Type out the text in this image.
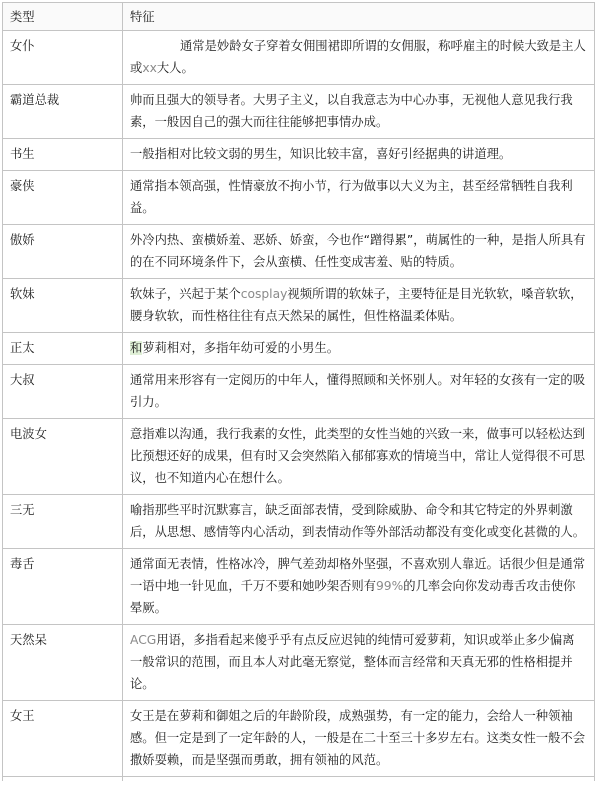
类型	特征
女仆	通常是妙龄女子穿着女佣围裙即所谓的女佣服，称呼雇主的时候大致是主人或xx大人。
霸道总裁	帅而且强大的领导者。大男子主义，以自我意志为中心办事，无视他人意见我行我素，一般因自己的强大而往往能够把事情办成。
书生	一般指相对比较文弱的男生，知识比较丰富，喜好引经据典的讲道理。
豪侠	通常指本领高强，性情豪放不拘小节，行为做事以大义为主，甚至经常牺牲自我利益。
傲娇	外冷内热、蛮横娇羞、恶娇、娇蛮，今也作“蹭得累”，萌属性的一种，是指人所具有的在不同环境条件下，会从蛮横、任性变成害羞、贴的特质。
软妹	软妹子，兴起于某个cosplay视频所谓的软妹子，主要特征是目光软软，嗓音软软，腰身软软，而性格往往有点天然呆的属性，但性格温柔体贴。
正太	和萝莉相对，多指年幼可爱的小男生。
大叔	通常用来形容有一定阅历的中年人，懂得照顾和关怀别人。对年轻的女孩有一定的吸引力。
电波女	意指难以沟通，我行我素的女性，此类型的女性当她的兴致一来，做事可以轻松达到比预想还好的成果，但有时又会突然陷入郁郁寡欢的情境当中，常让人觉得很不可思议，也不知道内心在想什么。
三无	喻指那些平时沉默寡言，缺乏面部表情，受到除威胁、命令和其它特定的外界刺激后，从思想、感情等内心活动，到表情动作等外部活动都没有变化或变化甚微的人。
毒舌	通常面无表情，性格冰冷，脾气差劲却格外坚强，不喜欢别人靠近。话很少但是通常一语中地一针见血，千万不要和她吵架否则有99%的几率会向你发动毒舌攻击使你晕厥。
天然呆	ACG用语，多指看起来傻乎乎有点反应迟钝的纯情可爱萝莉，知识或举止多少偏离一般常识的范围，而且本人对此毫无察觉，整体而言经常和天真无邪的性格相提并论。
女王	女王是在萝莉和御姐之后的年龄阶段，成熟强势，有一定的能力，会给人一种领袖感。但一定是到了一定年龄的人，一般是在二十至三十多岁左右。这类女性一般不会撒娇耍赖，而是坚强而勇敢，拥有领袖的风范。
